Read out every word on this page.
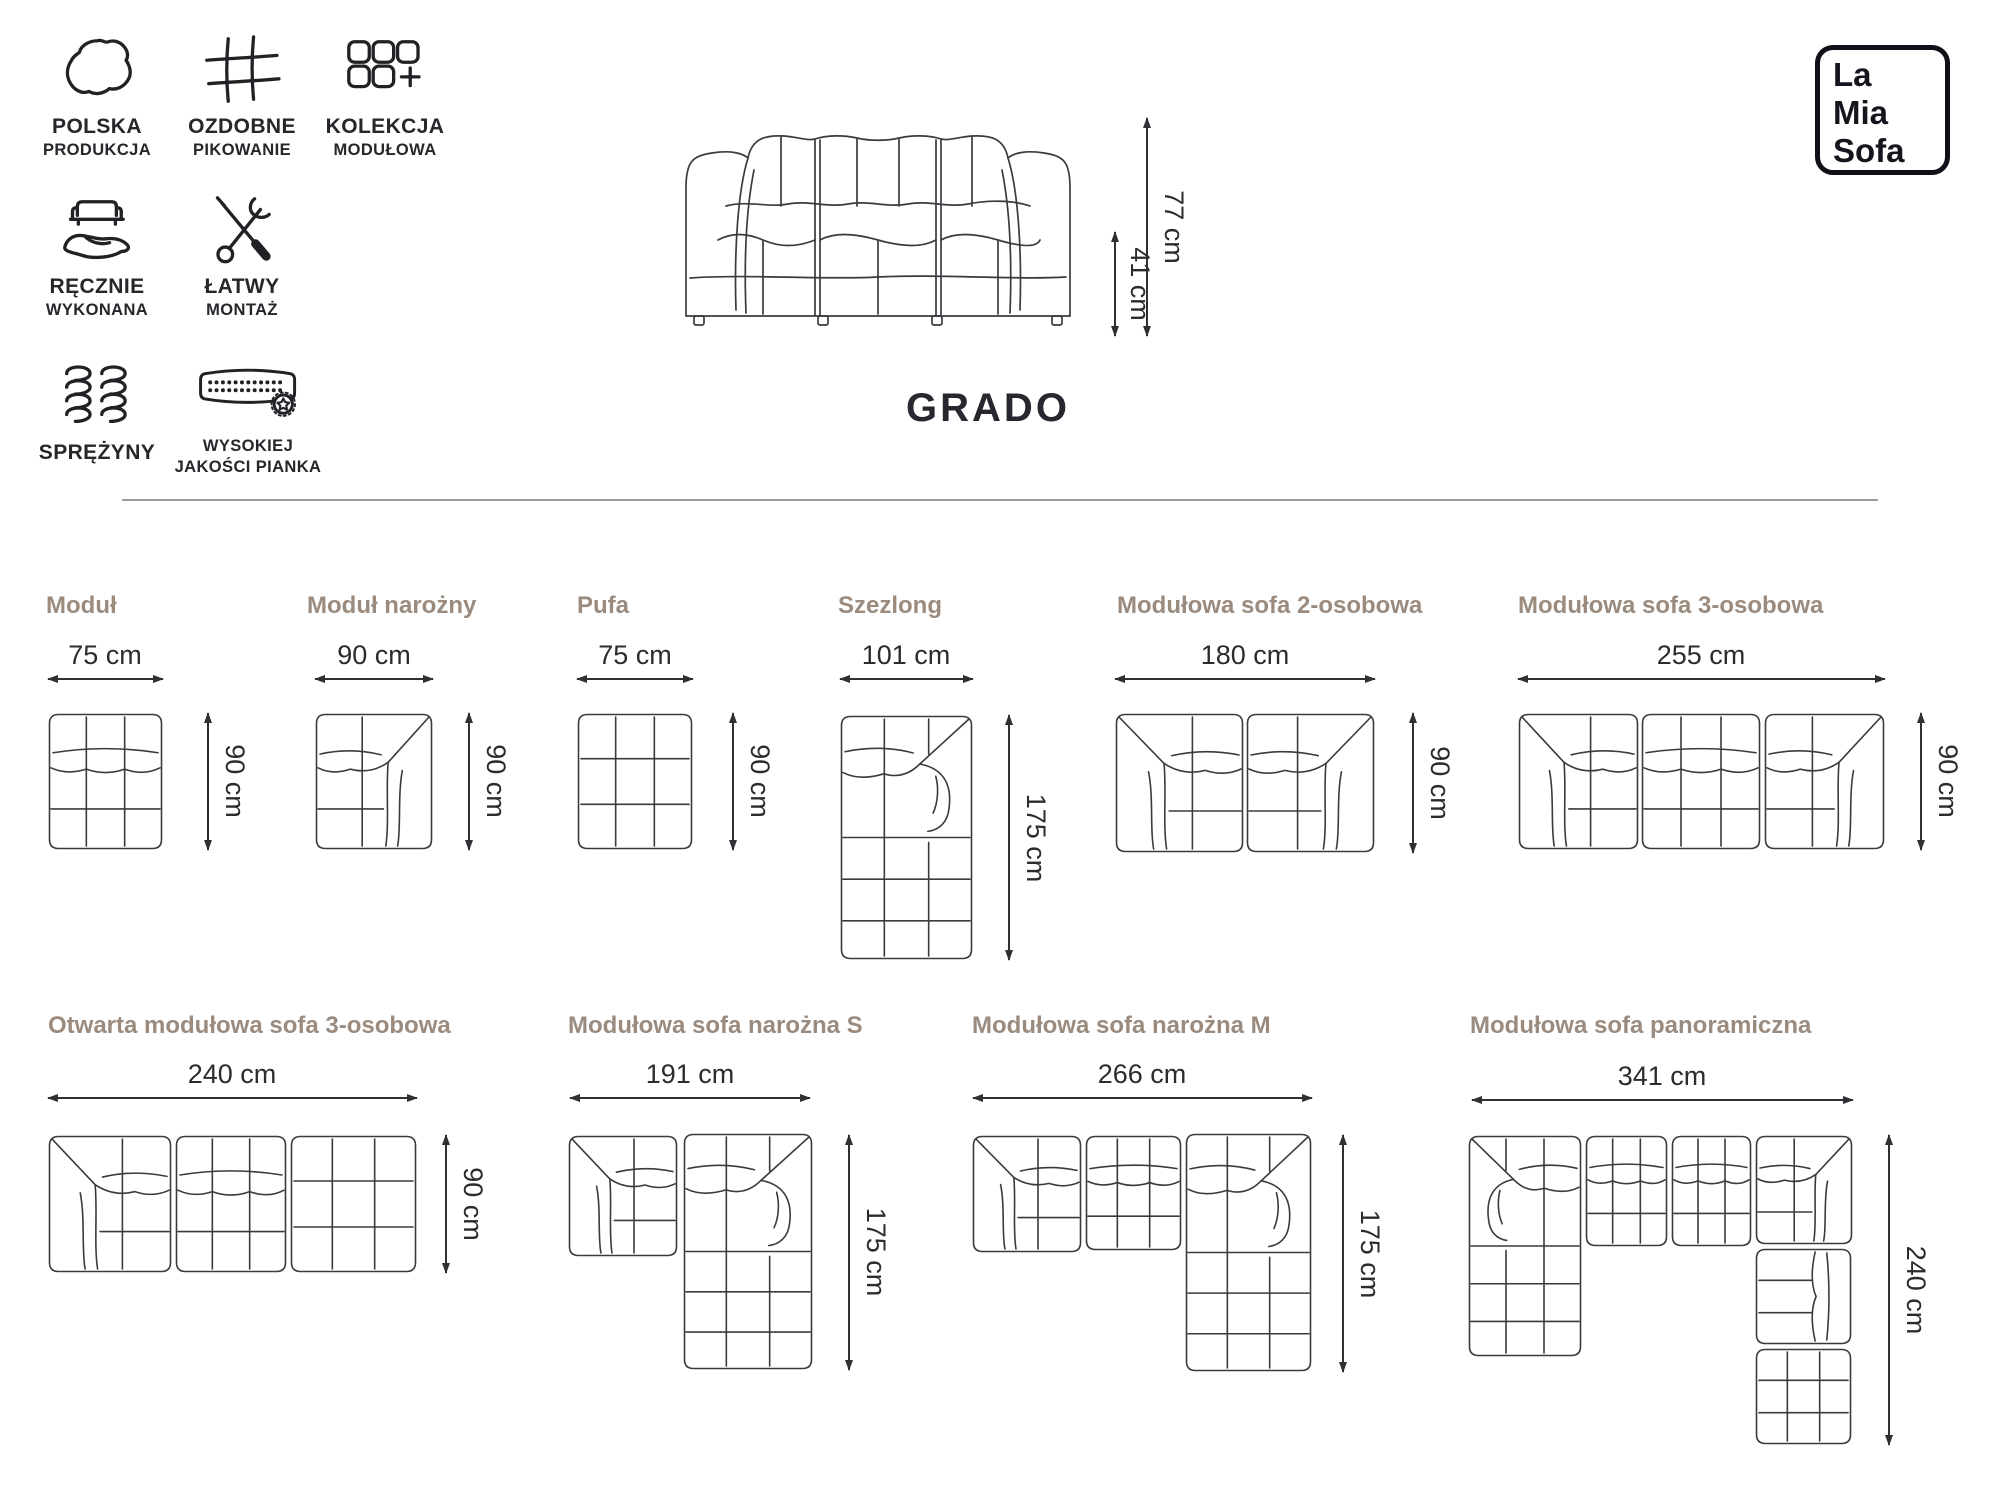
POLSKA
PRODUKCJA
OZDOBNE
PIKOWANIE
KOLEKCJA
MODUŁOWA
RĘCZNIE
WYKONANA
ŁATWY
MONTAŻ
SPRĘŻYNY	WYSOKIEJ
JAKOŚCI PIANKA
La
Mia
Sofa
41 cm
77 cm
GRADO
Moduł
75 cm
90 cm
Moduł narożny
90 cm
90 cm
Pufa
75 cm
90 cm
Szezlong
101 cm
175 cm
Modułowa sofa 2-osobowa
180 cm
90 cm
Modułowa sofa 3-osobowa
255 cm
90 cm
Otwarta modułowa sofa 3-osobowa
240 cm
90 cm
Modułowa sofa narożna S
191 cm
175 cm
Modułowa sofa narożna M
266 cm
175 cm
Modułowa sofa panoramiczna
341 cm
240 cm
